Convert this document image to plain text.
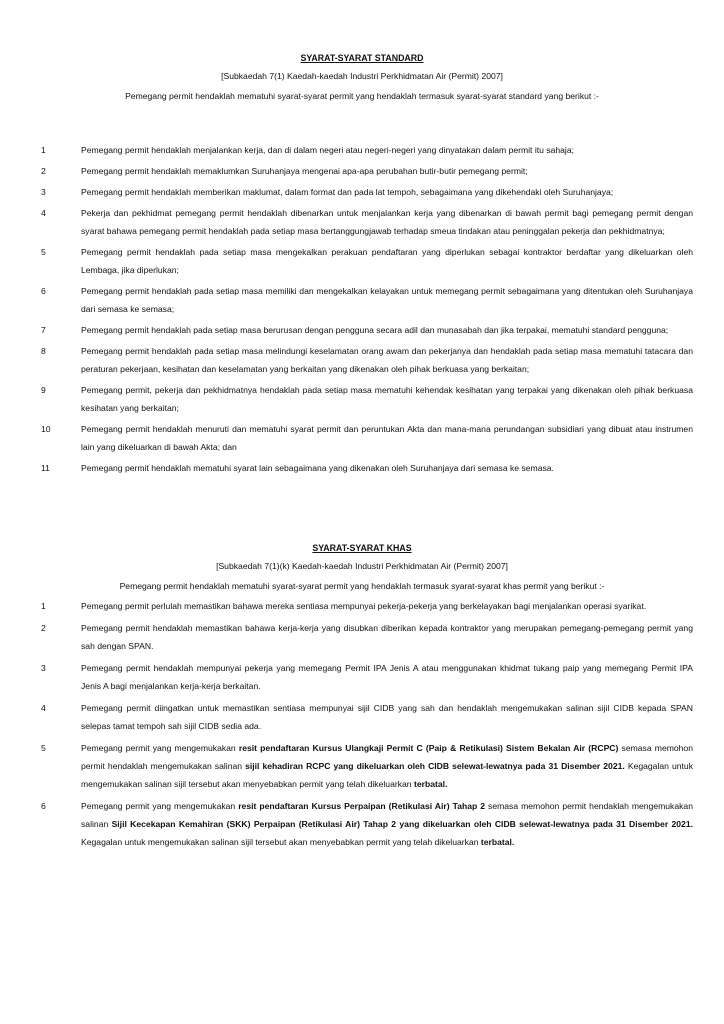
SYARAT-SYARAT STANDARD
[Subkaedah 7(1) Kaedah-kaedah Industri Perkhidmatan Air (Permit) 2007]
Pemegang permit hendaklah mematuhi syarat-syarat permit yang hendaklah termasuk syarat-syarat standard yang berikut :-
1	Pemegang permit hendaklah menjalankan kerja, dan di dalam negeri atau negeri-negeri yang dinyatakan dalam permit itu sahaja;
2	Pemegang permit hendaklah memaklumkan Suruhanjaya mengenai apa-apa perubahan butir-butir pemegang permit;
3	Pemegang permit hendaklah memberikan maklumat, dalam format dan pada lat tempoh, sebagaimana yang dikehendaki oleh Suruhanjaya;
4	Pekerja dan pekhidmat pemegang permit hendaklah dibenarkan untuk menjalankan kerja yang dibenarkan di bawah permit bagi pemegang permit dengan syarat bahawa pemegang permit hendaklah pada setiap masa bertanggungjawab terhadap smeua tindakan atau peninggalan pekerja dan pekhidmatnya;
5	Pemegang permit hendaklah pada setiap masa mengekalkan perakuan pendaftaran yang diperlukan sebagai kontraktor berdaftar yang dikeluarkan oleh Lembaga, jika diperlukan;
6	Pemegang permit hendaklah pada setiap masa memiliki dan mengekalkan kelayakan untuk memegang permit sebagaimana yang ditentukan oleh Suruhanjaya dari semasa ke semasa;
7	Pemegang permit hendaklah pada setiap masa berurusan dengan pengguna secara adil dan munasabah dan jika terpakai, mematuhi standard pengguna;
8	Pemegang permit hendaklah pada setiap masa melindungi keselamatan orang awam dan pekerjanya dan hendaklah pada setiap masa mematuhi tatacara dan peraturan pekerjaan, kesihatan dan keselamatan yang berkaitan yang dikenakan oleh pihak berkuasa yang berkaitan;
9	Pemegang permit, pekerja dan pekhidmatnya hendaklah pada setiap masa mematuhi kehendak kesihatan yang terpakai yang dikenakan oleh pihak berkuasa kesihatan yang berkaitan;
10	Pemegang permit hendaklah menuruti dan mematuhi syarat permit dan peruntukan Akta dan mana-mana perundangan subsidiari yang dibuat atau instrumen lain yang dikeluarkan di bawah Akta; dan
11	Pemegang permit hendaklah mematuhi syarat lain sebagaimana yang dikenakan oleh Suruhanjaya dari semasa ke semasa.
SYARAT-SYARAT KHAS
[Subkaedah 7(1)(k) Kaedah-kaedah Industri Perkhidmatan Air (Permit) 2007]
Pemegang permit hendaklah mematuhi syarat-syarat permit yang hendaklah termasuk syarat-syarat khas permit yang berikut :-
1	Pemegang permit perlulah memastikan bahawa mereka sentiasa mempunyai pekerja-pekerja yang berkelayakan bagi menjalankan operasi syarikat.
2	Pemegang permit hendaklah memastikan bahawa kerja-kerja yang disubkan diberikan kepada kontraktor yang merupakan pemegang-pemegang permit yang sah dengan SPAN.
3	Pemegang permit hendaklah mempunyai pekerja yang memegang Permit IPA Jenis A atau menggunakan khidmat tukang paip yang memegang Permit IPA Jenis A bagi menjalankan kerja-kerja berkaitan.
4	Pemegang permit diingatkan untuk memastikan sentiasa mempunyai sijil CIDB yang sah dan hendaklah mengemukakan salinan sijil CIDB kepada SPAN selepas tamat tempoh sah sijil CIDB sedia ada.
5	Pemegang permit yang mengemukakan resit pendaftaran Kursus Ulangkaji Permit C (Paip & Retikulasi) Sistem Bekalan Air (RCPC) semasa memohon permit hendaklah mengemukakan salinan sijil kehadiran RCPC yang dikeluarkan oleh CIDB selewat-lewatnya pada 31 Disember 2021. Kegagalan untuk mengemukakan salinan sijil tersebut akan menyebabkan permit yang telah dikeluarkan terbatal.
6	Pemegang permit yang mengemukakan resit pendaftaran Kursus Perpaipan (Retikulasi Air) Tahap 2 semasa memohon permit hendaklah mengemukakan salinan Sijil Kecekapan Kemahiran (SKK) Perpaipan (Retikulasi Air) Tahap 2 yang dikeluarkan oleh CIDB selewat-lewatnya pada 31 Disember 2021. Kegagalan untuk mengemukakan salinan sijil tersebut akan menyebabkan permit yang telah dikeluarkan terbatal.
